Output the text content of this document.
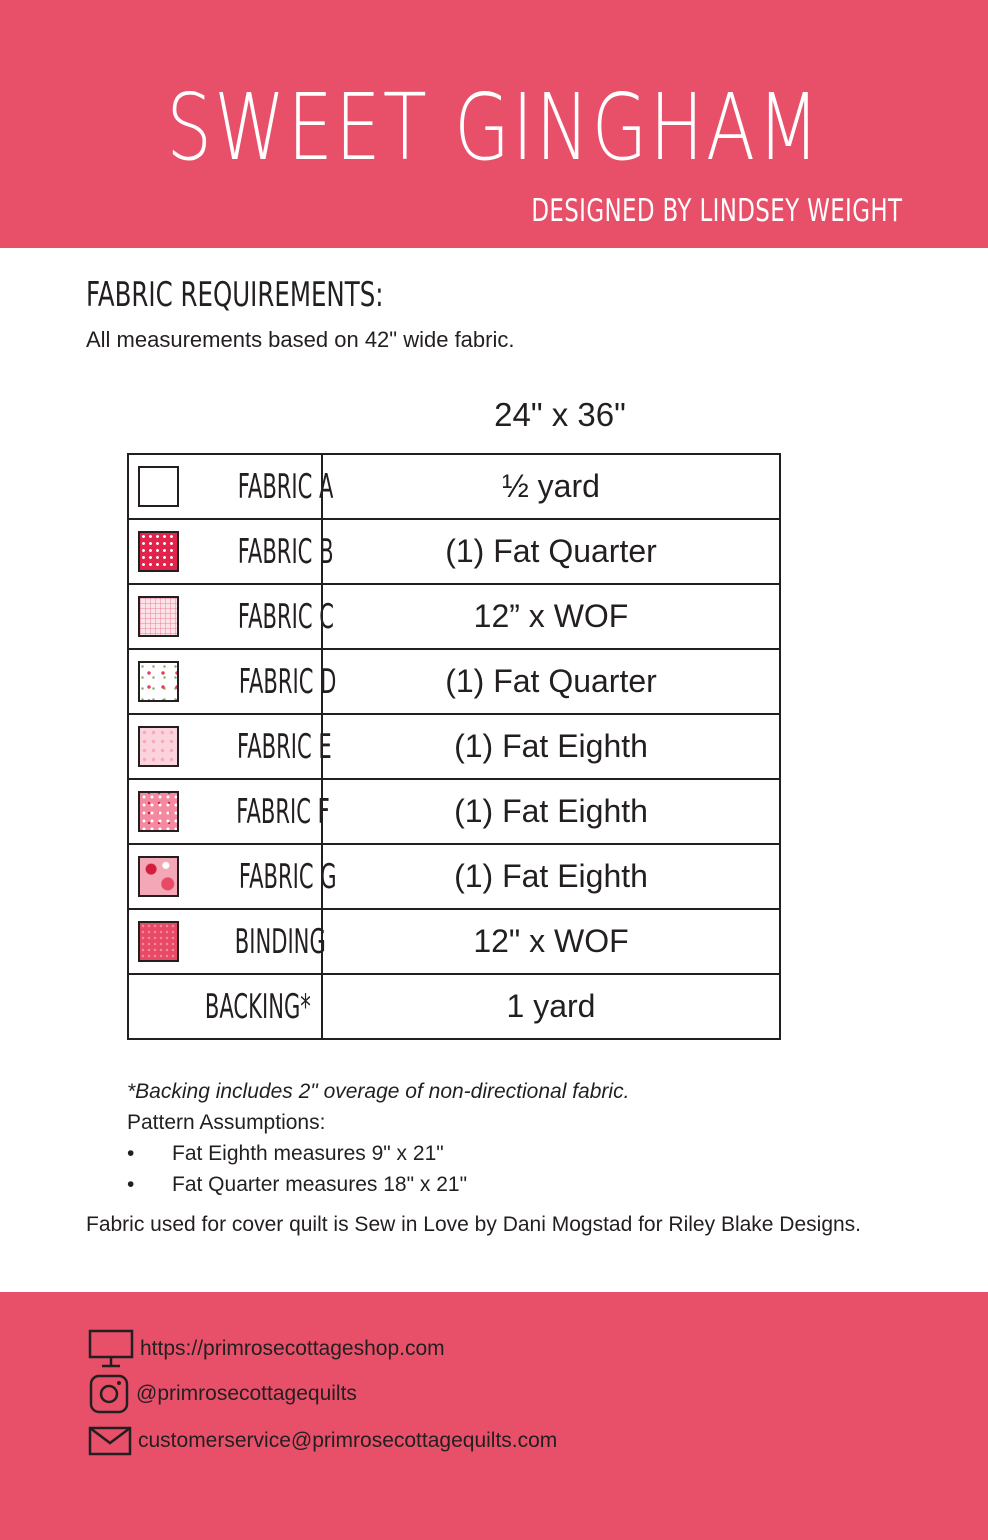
SWEET GINGHAM
DESIGNED BY LINDSEY WEIGHT
FABRIC REQUIREMENTS:
All measurements based on 42" wide fabric.
24" x 36"
FABRIC A	½ yard

FABRIC B	(1) Fat Quarter

FABRIC C	12” x WOF

FABRIC D	(1) Fat Quarter

FABRIC E	(1) Fat Eighth

FABRIC F	(1) Fat Eighth

FABRIC G	(1) Fat Eighth

BINDING	12" x WOF

BACKING*	1 yard
*Backing includes 2" overage of non-directional fabric.
Pattern Assumptions:
• Fat Eighth measures 9" x 21"
• Fat Quarter measures 18" x 21"
Fabric used for cover quilt is Sew in Love by Dani Mogstad for Riley Blake Designs.
https://primrosecottageshop.com
@primrosecottagequilts
customerservice@primrosecottagequilts.com
